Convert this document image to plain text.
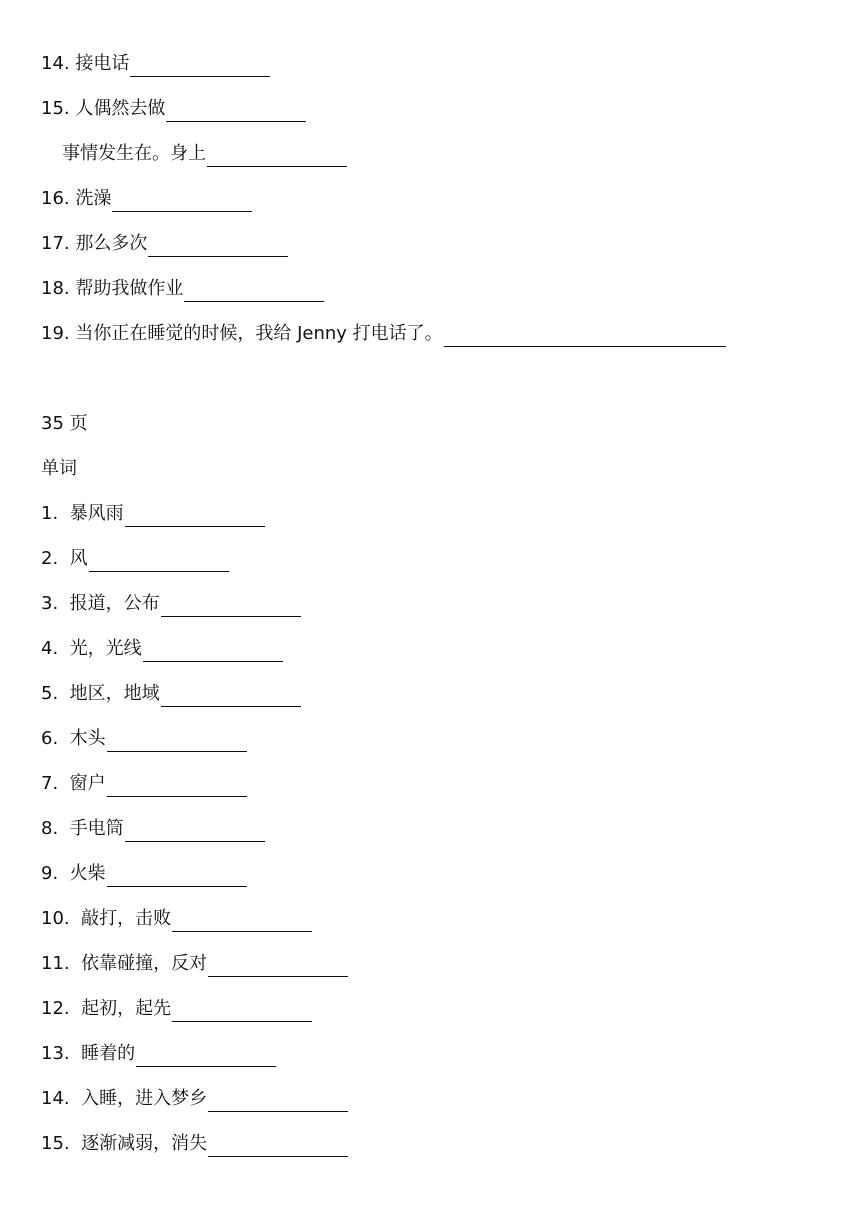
14.
接电话
15.
人偶然去做
事情发生在。身上
16.
洗澡
17.
那么多次
18.
帮助我做作业
19.
当你正在睡觉的时候，我给 Jenny 打电话了。
35 页
单词
1.
暴风雨
2.
风
3.
报道，公布
4.
光，光线
5.
地区，地域
6.
木头
7.
窗户
8.
手电筒
9.
火柴
10.
敲打，击败
11.
依靠碰撞，反对
12.
起初，起先
13.
睡着的
14.
入睡，进入梦乡
15.
逐渐减弱，消失
